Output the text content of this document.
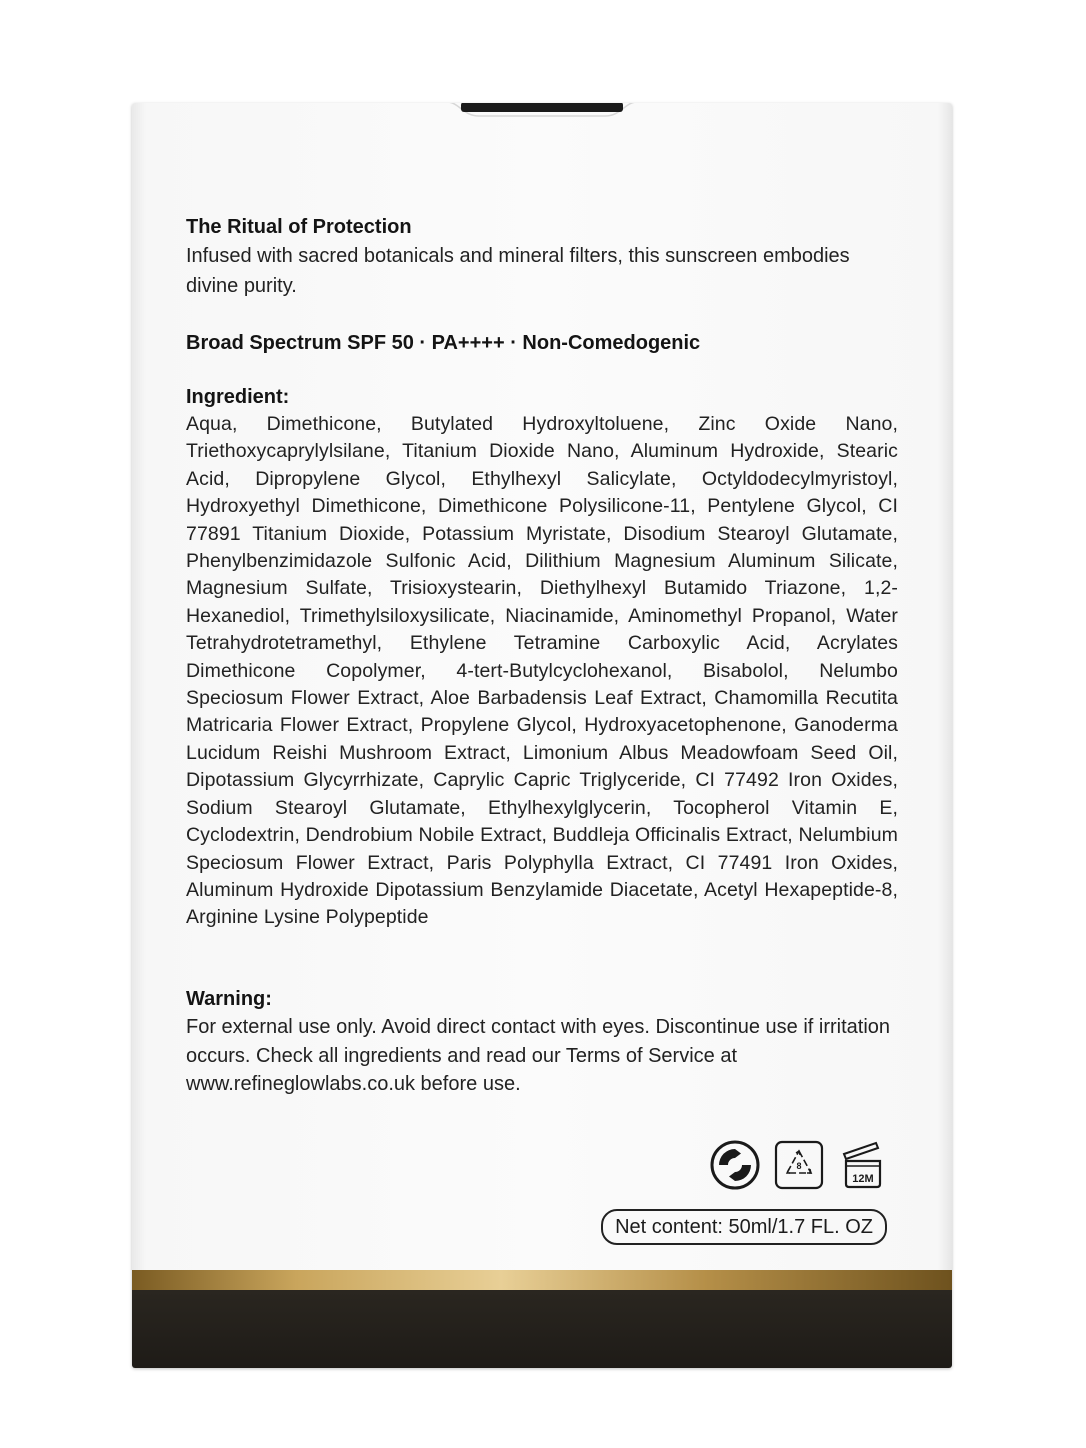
The Ritual of Protection
Infused with sacred botanicals and mineral filters, this sunscreen embodies divine purity.
Broad Spectrum SPF 50 · PA++++ · Non-Comedogenic
Ingredient:
Aqua, Dimethicone, Butylated Hydroxyltoluene, Zinc Oxide Nano, Triethoxycaprylylsilane, Titanium Dioxide Nano, Aluminum Hydroxide, Stearic Acid, Dipropylene Glycol, Ethylhexyl Salicylate, Octyldodecylmyristoyl, Hydroxyethyl Dimethicone, Dimethicone Polysilicone-11, Pentylene Glycol, CI 77891 Titanium Dioxide, Potassium Myristate, Disodium Stearoyl Glutamate, Phenylbenzimidazole Sulfonic Acid, Dilithium Magnesium Aluminum Silicate, Magnesium Sulfate, Trisioxystearin, Diethylhexyl Butamido Triazone, 1,2-Hexanediol, Trimethylsiloxysilicate, Niacinamide, Aminomethyl Propanol, Water Tetrahydrotetramethyl, Ethylene Tetramine Carboxylic Acid, Acrylates Dimethicone Copolymer, 4-tert-Butylcyclohexanol, Bisabolol, Nelumbo Speciosum Flower Extract, Aloe Barbadensis Leaf Extract, Chamomilla Recutita Matricaria Flower Extract, Propylene Glycol, Hydroxyacetophenone, Ganoderma Lucidum Reishi Mushroom Extract, Limonium Albus Meadowfoam Seed Oil, Dipotassium Glycyrrhizate, Caprylic Capric Triglyceride, CI 77492 Iron Oxides, Sodium Stearoyl Glutamate, Ethylhexylglycerin, Tocopherol Vitamin E, Cyclodextrin, Dendrobium Nobile Extract, Buddleja Officinalis Extract, Nelumbium Speciosum Flower Extract, Paris Polyphylla Extract, CI 77491 Iron Oxides, Aluminum Hydroxide Dipotassium Benzylamide Diacetate, Acetyl Hexapeptide-8, Arginine Lysine Polypeptide
Warning:
For external use only. Avoid direct contact with eyes. Discontinue use if irritation occurs. Check all ingredients and read our Terms of Service at www.refineglowlabs.co.uk before use.
8
12M
Net content: 50ml/1.7 FL. OZ
